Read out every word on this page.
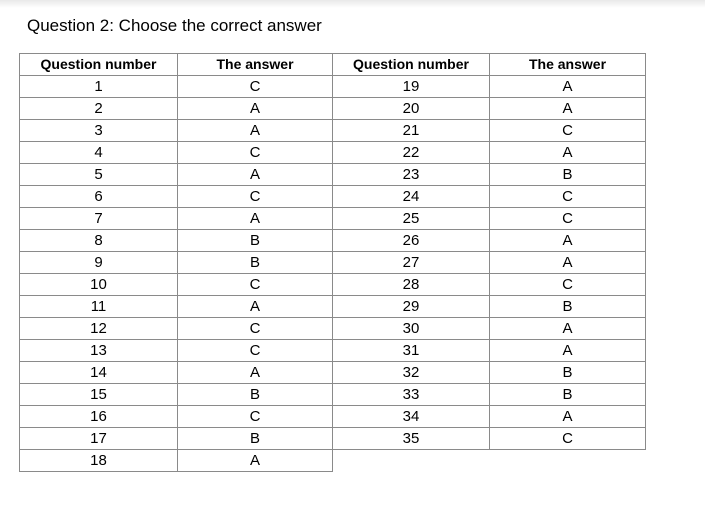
Question 2: Choose the correct answer
Question number	The answer	Question number	The answer
1	C	19	A
2	A	20	A
3	A	21	C
4	C	22	A
5	A	23	B
6	C	24	C
7	A	25	C
8	B	26	A
9	B	27	A
10	C	28	C
11	A	29	B
12	C	30	A
13	C	31	A
14	A	32	B
15	B	33	B
16	C	34	A
17	B	35	C
18	A		
